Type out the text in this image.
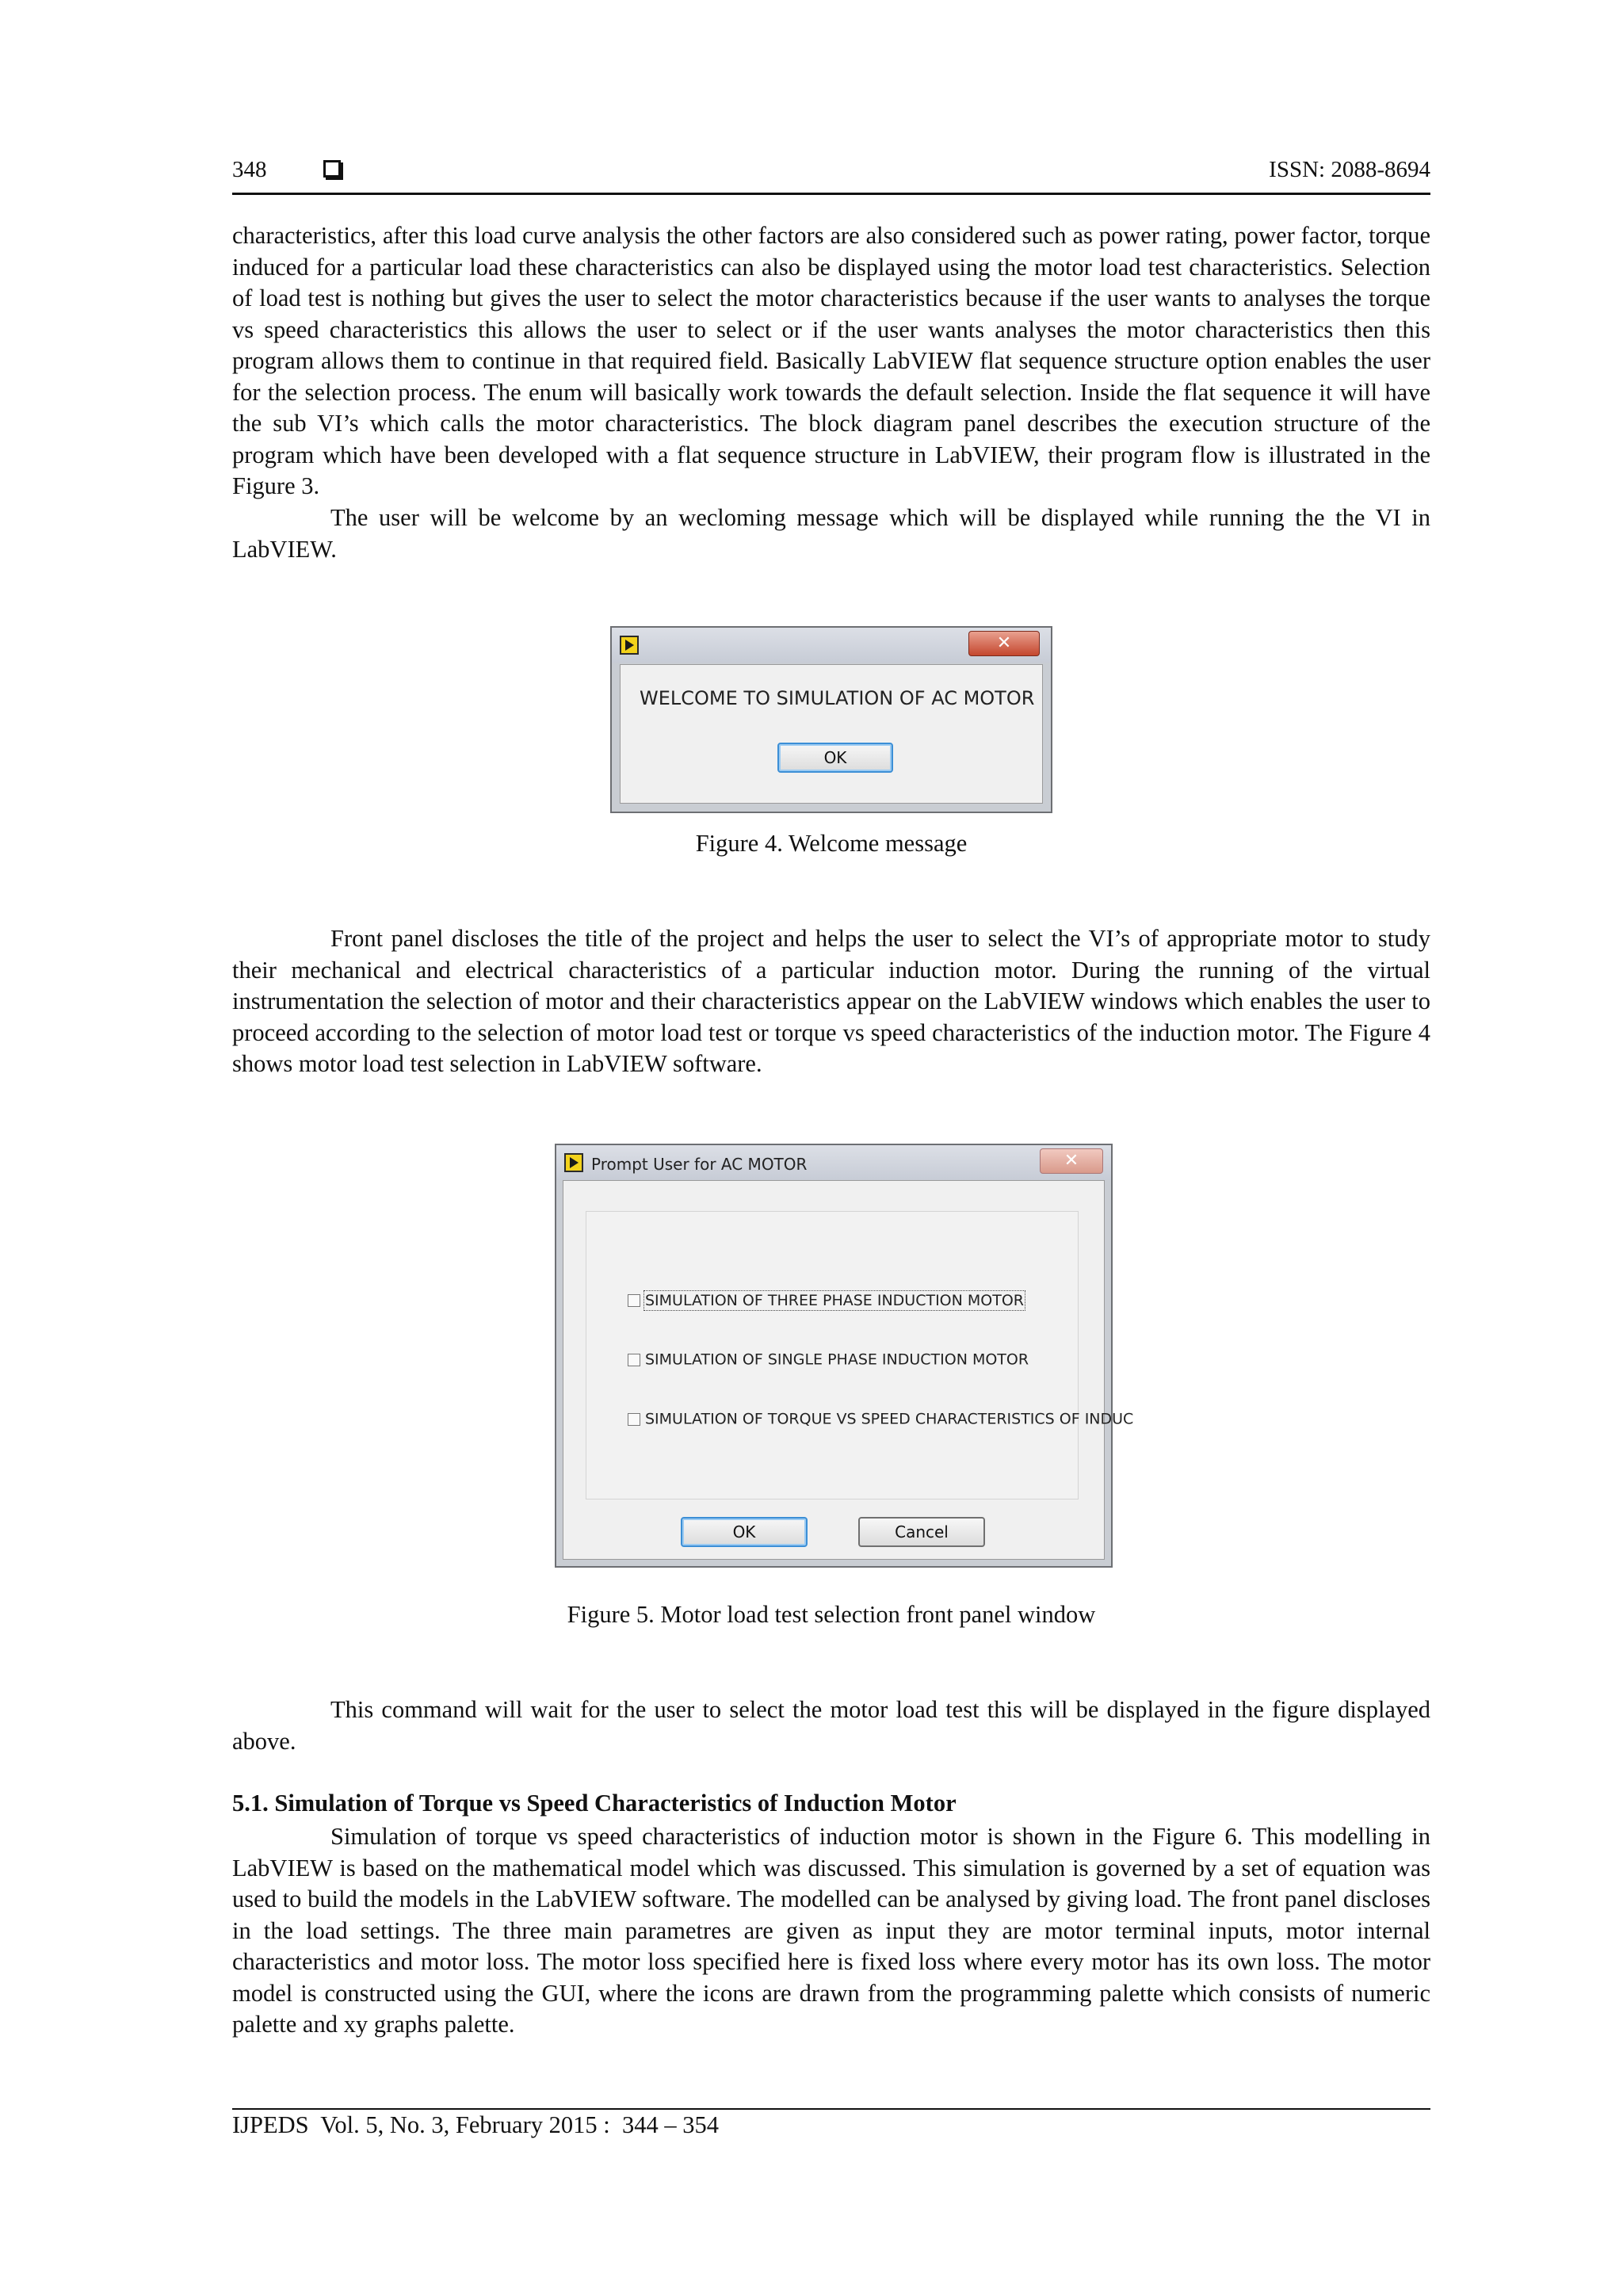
348	ISSN: 2088-8694

characteristics, after this load curve analysis the other factors are also considered such as power rating, power factor, torque induced for a particular load these characteristics can also be displayed using the motor load test characteristics. Selection of load test is nothing but gives the user to select the motor characteristics because if the user wants to analyses the torque vs speed characteristics this allows the user to select or if the user wants analyses the motor characteristics then this program allows them to continue in that required field. Basically LabVIEW flat sequence structure option enables the user for the selection process. The enum will basically work towards the default selection. Inside the flat sequence it will have the sub VI’s which calls the motor characteristics. The block diagram panel describes the execution structure of the program which have been developed with a flat sequence structure in LabVIEW, their program flow is illustrated in the Figure 3.

The user will be welcome by an wecloming message which will be displayed while running the the VI in LabVIEW.

✕
WELCOME TO SIMULATION OF AC MOTOR
OK
Figure 4. Welcome message

Front panel discloses the title of the project and helps the user to select the VI’s of appropriate motor to study their mechanical and electrical characteristics of a particular induction motor. During the running of the virtual instrumentation the selection of motor and their characteristics appear on the LabVIEW windows which enables the user to proceed according to the selection of motor load test or torque vs speed characteristics of the induction motor. The Figure 4 shows motor load test selection in LabVIEW software.

Prompt User for AC MOTOR	✕
SIMULATION OF THREE PHASE INDUCTION MOTOR
SIMULATION OF SINGLE PHASE INDUCTION MOTOR
SIMULATION OF TORQUE VS SPEED CHARACTERISTICS OF INDUC
OK	Cancel
Figure 5. Motor load test selection front panel window

This command will wait for the user to select the motor load test this will be displayed in the figure displayed above.

5.1. Simulation of Torque vs Speed Characteristics of Induction Motor

Simulation of torque vs speed characteristics of induction motor is shown in the Figure 6. This modelling in LabVIEW is based on the mathematical model which was discussed. This simulation is governed by a set of equation was used to build the models in the LabVIEW software. The modelled can be analysed by giving load. The front panel discloses in the load settings. The three main parametres are given as input they are motor terminal inputs, motor internal characteristics and motor loss. The motor loss specified here is fixed loss where every motor has its own loss. The motor model is constructed using the GUI, where the icons are drawn from the programming palette which consists of numeric palette and xy graphs palette.

IJPEDS  Vol. 5, No. 3, February 2015 :  344 – 354
